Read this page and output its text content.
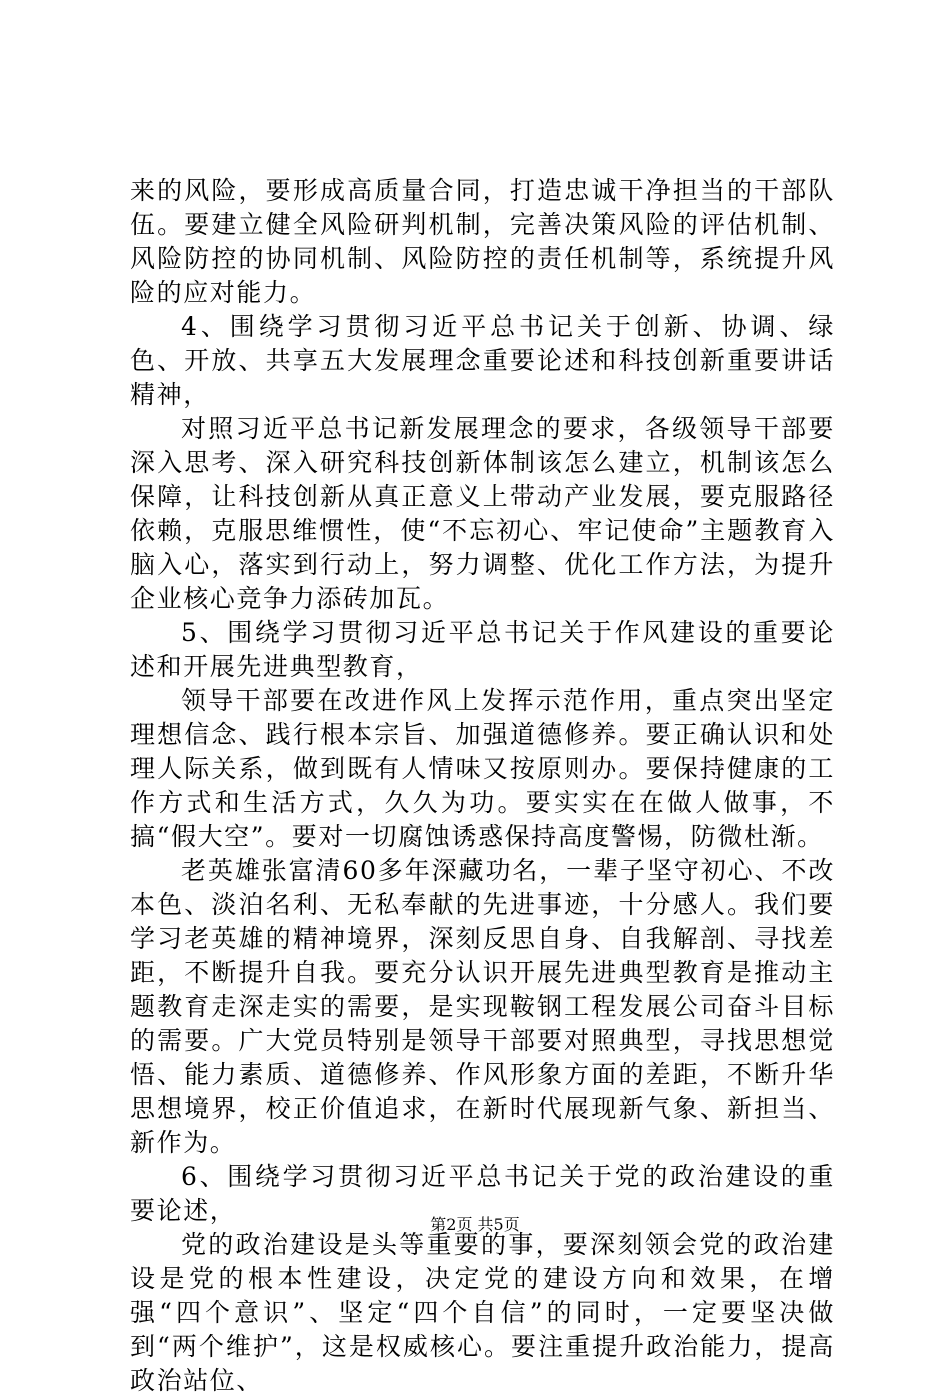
来的风险，要形成高质量合同，打造忠诚干净担当的干部队伍。要建立健全风险研判机制，完善决策风险的评估机制、风险防控的协同机制、风险防控的责任机制等，系统提升风险的应对能力。

4、围绕学习贯彻习近平总书记关于创新、协调、绿色、开放、共享五大发展理念重要论述和科技创新重要讲话精神，

对照习近平总书记新发展理念的要求，各级领导干部要深入思考、深入研究科技创新体制该怎么建立，机制该怎么保障，让科技创新从真正意义上带动产业发展，要克服路径依赖，克服思维惯性，使“不忘初心、牢记使命”主题教育入脑入心，落实到行动上，努力调整、优化工作方法，为提升企业核心竞争力添砖加瓦。

5、围绕学习贯彻习近平总书记关于作风建设的重要论述和开展先进典型教育，

领导干部要在改进作风上发挥示范作用，重点突出坚定理想信念、践行根本宗旨、加强道德修养。要正确认识和处理人际关系，做到既有人情味又按原则办。要保持健康的工作方式和生活方式，久久为功。要实实在在做人做事，不搞“假大空”。要对一切腐蚀诱惑保持高度警惕，防微杜渐。

老英雄张富清60多年深藏功名，一辈子坚守初心、不改本色、淡泊名利、无私奉献的先进事迹，十分感人。我们要学习老英雄的精神境界，深刻反思自身、自我解剖、寻找差距，不断提升自我。要充分认识开展先进典型教育是推动主题教育走深走实的需要，是实现鞍钢工程发展公司奋斗目标的需要。广大党员特别是领导干部要对照典型，寻找思想觉悟、能力素质、道德修养、作风形象方面的差距，不断升华思想境界，校正价值追求，在新时代展现新气象、新担当、新作为。

6、围绕学习贯彻习近平总书记关于党的政治建设的重要论述，

党的政治建设是头等重要的事，要深刻领会党的政治建设是党的根本性建设，决定党的建设方向和效果，在增强“四个意识”、坚定“四个自信”的同时，一定要坚决做到“两个维护”，这是权威核心。要注重提升政治能力，提高政治站位、

第2页 共5页
